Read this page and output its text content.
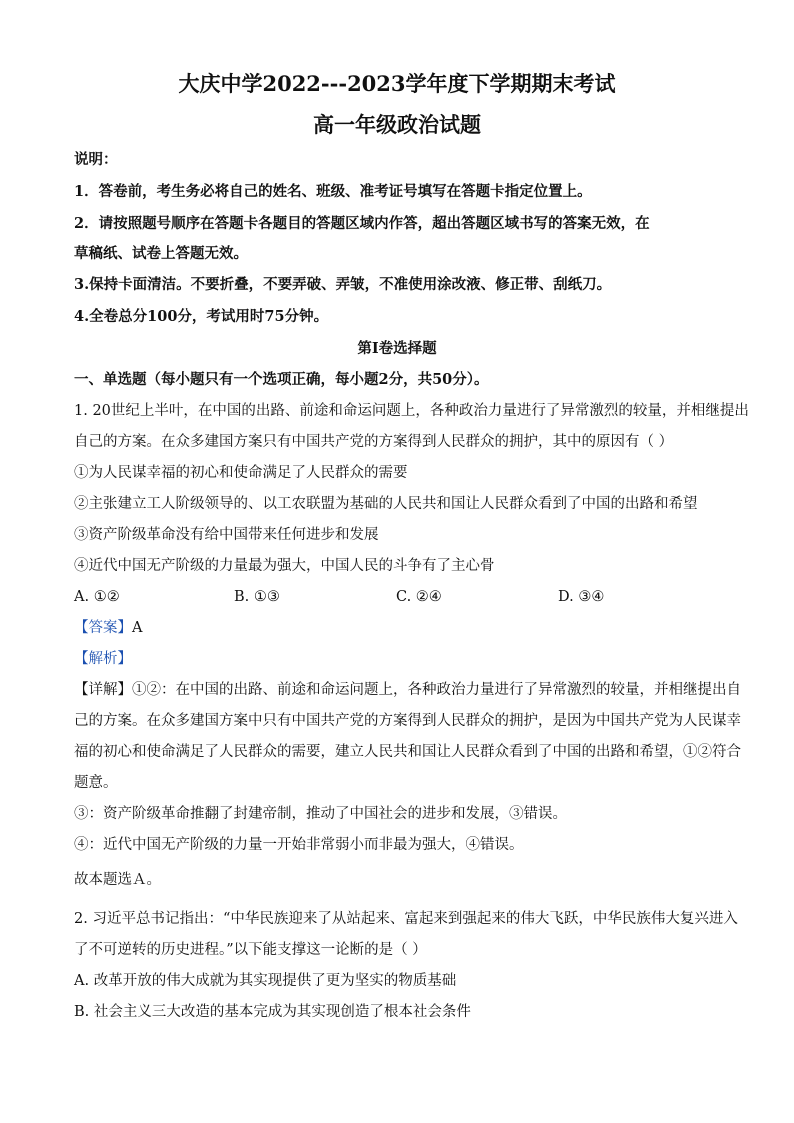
大庆中学2022---2023学年度下学期期末考试
高一年级政治试题
说明：
1．答卷前，考生务必将自己的姓名、班级、准考证号填写在答题卡指定位置上。
2．请按照题号顺序在答题卡各题目的答题区域内作答，超出答题区域书写的答案无效，在
草稿纸、试卷上答题无效。
3.保持卡面清洁。不要折叠，不要弄破、弄皱，不准使用涂改液、修正带、刮纸刀。
4.全卷总分100分，考试用时75分钟。
第Ⅰ卷选择题
一、单选题（每小题只有一个选项正确，每小题2分，共50分）。
1. 20世纪上半叶，在中国的出路、前途和命运问题上，各种政治力量进行了异常激烈的较量，并相继提出
自己的方案。在众多建国方案只有中国共产党的方案得到人民群众的拥护，其中的原因有（ ）
①为人民谋幸福的初心和使命满足了人民群众的需要
②主张建立工人阶级领导的、以工农联盟为基础的人民共和国让人民群众看到了中国的出路和希望
③资产阶级革命没有给中国带来任何进步和发展
④近代中国无产阶级的力量最为强大，中国人民的斗争有了主心骨
A. ①②	B. ①③	C. ②④	D. ③④
【答案】A
【解析】
【详解】①②：在中国的出路、前途和命运问题上，各种政治力量进行了异常激烈的较量，并相继提出自
己的方案。在众多建国方案中只有中国共产党的方案得到人民群众的拥护，是因为中国共产党为人民谋幸
福的初心和使命满足了人民群众的需要，建立人民共和国让人民群众看到了中国的出路和希望，①②符合
题意。
③：资产阶级革命推翻了封建帝制，推动了中国社会的进步和发展，③错误。
④：近代中国无产阶级的力量一开始非常弱小而非最为强大，④错误。
故本题选Ａ。
2. 习近平总书记指出：“中华民族迎来了从站起来、富起来到强起来的伟大飞跃，中华民族伟大复兴进入
了不可逆转的历史进程。”以下能支撑这一论断的是（ ）
A. 改革开放的伟大成就为其实现提供了更为坚实的物质基础
B. 社会主义三大改造的基本完成为其实现创造了根本社会条件
